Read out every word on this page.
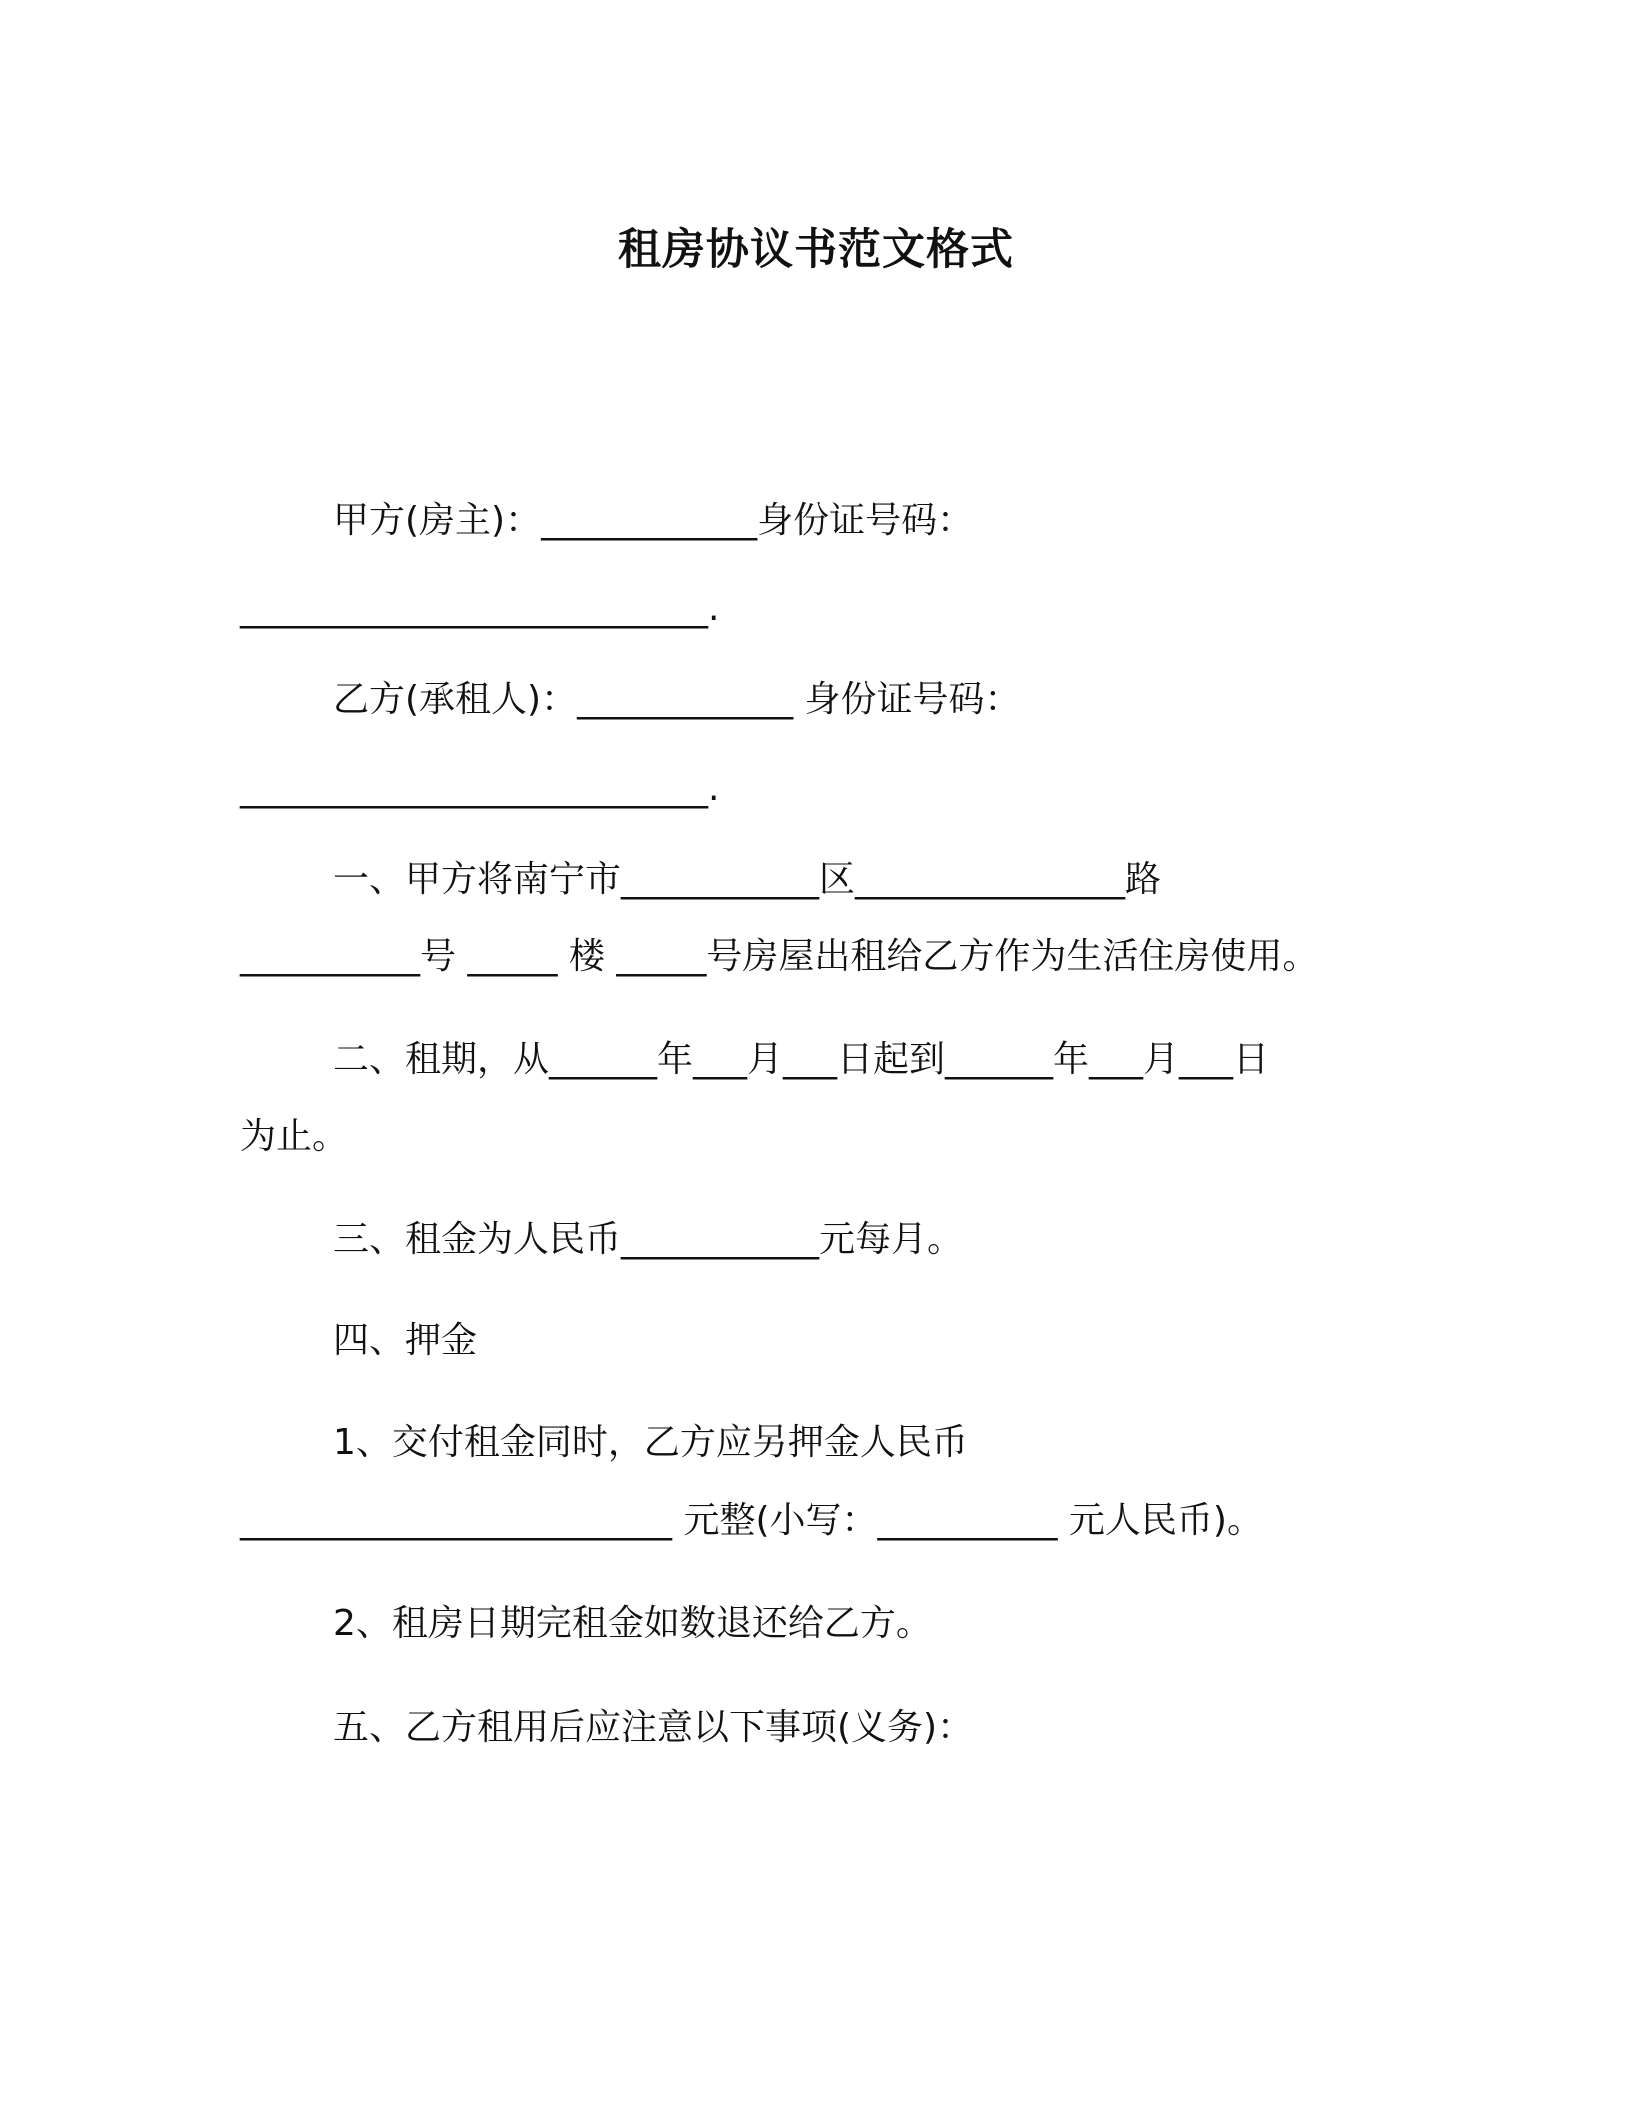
租房协议书范文格式
甲方(房主)：____________身份证号码：
__________________________.
乙方(承租人)：____________ 身份证号码：
__________________________.
一、甲方将南宁市___________区_______________路
__________号 _____ 楼 _____号房屋出租给乙方作为生活住房使用。
二、租期，从______年___月___日起到______年___月___日
为止。
三、租金为人民币___________元每月。
四、押金
1、交付租金同时，乙方应另押金人民币
________________________ 元整(小写：__________ 元人民币)。
2、租房日期完租金如数退还给乙方。
五、乙方租用后应注意以下事项(义务)：
